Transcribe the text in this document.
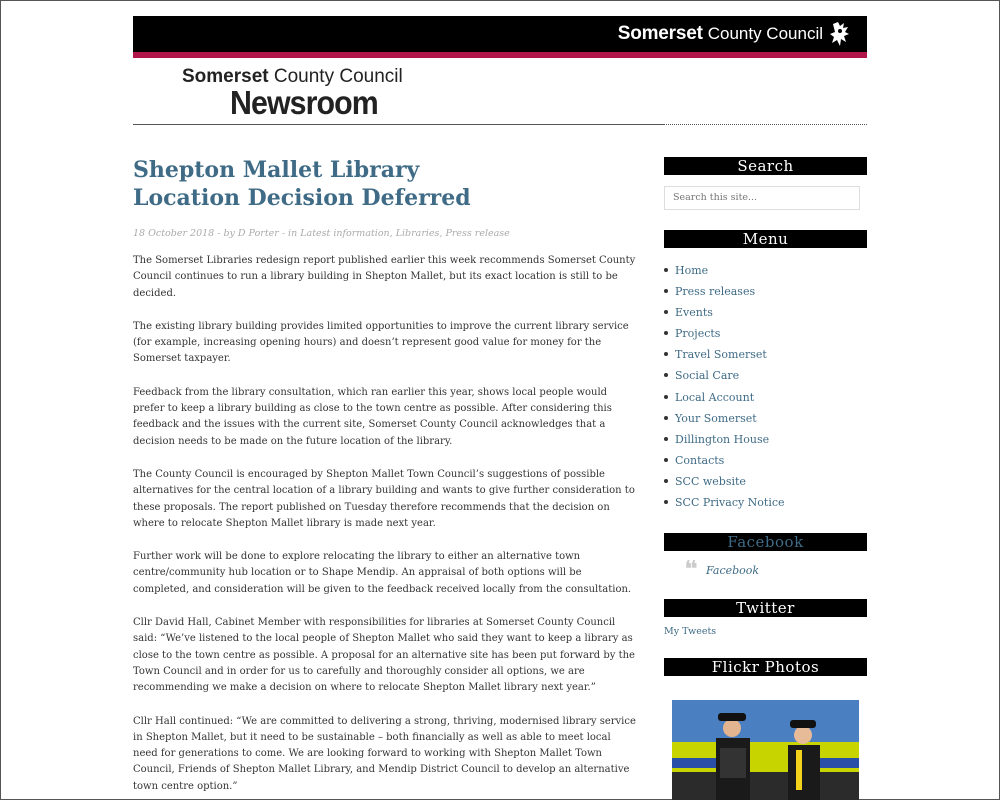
Somerset County Council
Somerset County Council
Newsroom
Shepton Mallet Library Location Decision Deferred
18 October 2018 - by D Porter - in Latest information, Libraries, Press release

The Somerset Libraries redesign report published earlier this week recommends Somerset County Council continues to run a library building in Shepton Mallet, but its exact location is still to be decided.

The existing library building provides limited opportunities to improve the current library service (for example, increasing opening hours) and doesn’t represent good value for money for the Somerset taxpayer.

Feedback from the library consultation, which ran earlier this year, shows local people would prefer to keep a library building as close to the town centre as possible. After considering this feedback and the issues with the current site, Somerset County Council acknowledges that a decision needs to be made on the future location of the library.

The County Council is encouraged by Shepton Mallet Town Council’s suggestions of possible alternatives for the central location of a library building and wants to give further consideration to these proposals. The report published on Tuesday therefore recommends that the decision on where to relocate Shepton Mallet library is made next year.

Further work will be done to explore relocating the library to either an alternative town centre/community hub location or to Shape Mendip. An appraisal of both options will be completed, and consideration will be given to the feedback received locally from the consultation.

Cllr David Hall, Cabinet Member with responsibilities for libraries at Somerset County Council said: “We’ve listened to the local people of Shepton Mallet who said they want to keep a library as close to the town centre as possible. A proposal for an alternative site has been put forward by the Town Council and in order for us to carefully and thoroughly consider all options, we are recommending we make a decision on where to relocate Shepton Mallet library next year.”

Cllr Hall continued: “We are committed to delivering a strong, thriving, modernised library service in Shepton Mallet, but it need to be sustainable – both financially as well as able to meet local need for generations to come. We are looking forward to working with Shepton Mallet Town Council, Friends of Shepton Mallet Library, and Mendip District Council to develop an alternative town centre option.”

Search
Search this site...
Menu
Home
Press releases
Events
Projects
Travel Somerset
Social Care
Local Account
Your Somerset
Dillington House
Contacts
SCC website
SCC Privacy Notice
Facebook
❝ Facebook
Twitter
My Tweets
Flickr Photos
